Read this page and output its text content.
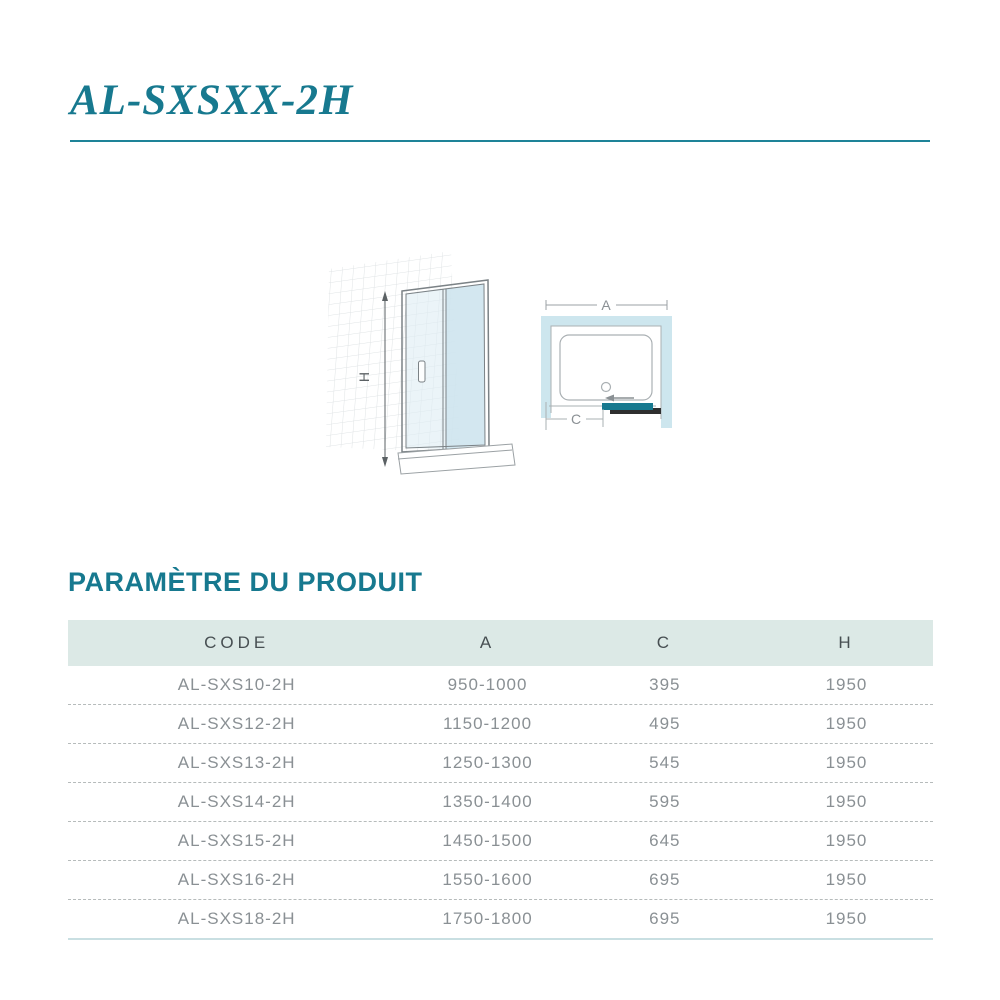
AL-SXSXX-2H
H
A
C
PARAMÈTRE DU PRODUIT
CODE	A	C	H
AL-SXS10-2H	950-1000	395	1950
AL-SXS12-2H	1150-1200	495	1950
AL-SXS13-2H	1250-1300	545	1950
AL-SXS14-2H	1350-1400	595	1950
AL-SXS15-2H	1450-1500	645	1950
AL-SXS16-2H	1550-1600	695	1950
AL-SXS18-2H	1750-1800	695	1950
